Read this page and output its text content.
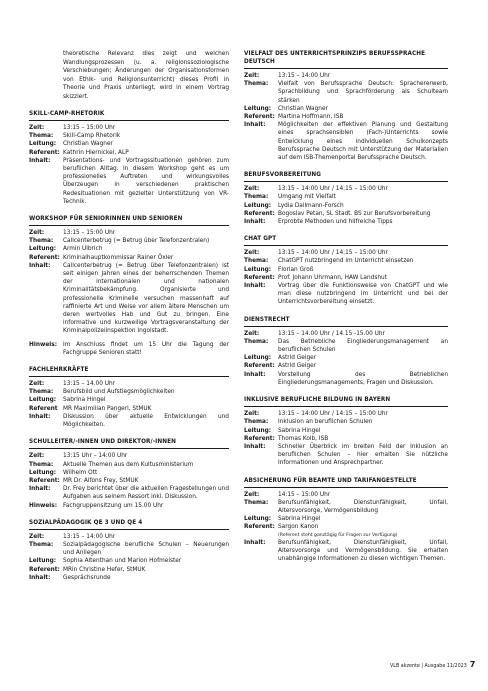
theoretische Relevanz dies zeigt und welchen Wandlungsprozessen (u. a. religionssoziologische Verschiebungen; Änderungen der Organisationsformen von Ethik- und Religionsunterricht) dieses Profil in Theorie und Praxis unterliegt, wird in einem Vortrag skizziert.

SKILL-CAMP-RHETORIK
Zeit:	13:15 – 15:00 Uhr
Thema:	Skill-Camp Rhetorik
Leitung:	Christian Wagner
Referent: Kathrin Hiernickel, ALP
Inhalt:	Präsentations- und Vortragssituationen gehören zum beruflichen Alltag. In diesem Workshop geht es um professionelles Auftreten und wirkungsvolles Überzeugen in verschiedenen praktischen Redesituationen mit gezielter Unterstützung von VR-Technik.
WORKSHOP FÜR SENIORINNEN UND SENIOREN
Zeit:	13:15 – 15:00 Uhr
Thema:	Callcenterbetrug (= Betrug über Telefonzentralen)
Leitung:	Armin Ulbrich
Referent: Kriminalhauptkommissar Rainer Öxler
Inhalt:	Callcenterbetrug (= Betrug über Telefonzentralen) ist seit einigen Jahren eines der beherrschenden Themen der internationalen und nationalen Kriminalitätsbekämpfung. Organisierte und professionelle Kriminelle versuchen massenhaft auf raffinierte Art und Weise vor allem ältere Menschen um deren wertvolles Hab und Gut zu bringen. Eine informative und kurzweilige Vortragsveranstaltung der Kriminalpolizeiinspektion Ingolstadt.
Hinweis:	Im Anschluss findet um 15 Uhr die Tagung der Fachgruppe Senioren statt!
FACHLEHRKRÄFTE
Zeit:	13:15 – 14.00 Uhr
Thema:	Berufsbild und Aufstiegsmöglichkeiten
Leitung:	Sabrina Hingel
Referent MR Maximilian Pangerl, StMUK
Inhalt:	Diskussion über aktuelle Entwicklungen und Möglichkeiten.
SCHULLEITER/-INNEN UND DIREKTOR/-INNEN
Zeit:	13:15 Uhr – 14:00 Uhr
Thema:	Aktuelle Themen aus dem Kultusministerium
Leitung:	Wilhelm Ott
Referent: MR Dr. Alfons Frey, StMUK
Inhalt:	Dr. Frey berichtet über die aktuellen Fragestellungen und Aufgaben aus seinem Ressort inkl. Diskussion.
Hinweis:	Fachgruppensitzung um 15.00 Uhr
SOZIALPÄDAGOGIK QE 3 UND QE 4
Zeit:	13:15 – 14:00 Uhr
Thema:	Sozialpädagogische berufliche Schulen – Neuerungen und Anliegen
Leitung:	Sophia Altenthan und Marion Hofmeister
Referent: MRin Christine Hefer, StMUK
Inhalt:	Gesprächsrunde
VIELFALT DES UNTERRICHTSPRINZIPS BERUFSSPRACHE DEUTSCH
Zeit:	13:15 – 14:00 Uhr
Thema:	Vielfalt von Berufssprache Deutsch: Sprachererwerb, Sprachbildung und Sprachförderung als Schulteam stärken
Leitung:	Christian Wagner
Referent: Martina Hoffmann, ISB
Inhalt:	Möglichkeiten der effektiven Planung und Gestaltung eines sprachsensiblen (Fach-)Unterrichts sowie Entwicklung eines individuellen Schulkonzepts Berufssprache Deutsch mit Unterstützung der Materialien auf dem ISB-Themenportal Berufssprache Deutsch.
BERUFSVORBEREITUNG
Zeit:	13:15 – 14:00 Uhr / 14:15 – 15:00 Uhr
Thema:	Umgang mit Vielfalt
Leitung:	Lydia Dallmann-Forsch
Referent: Bogoslav Petan, SL Stadt. BS zur Berufsvorbereitung
Inhalt:	Erprobte Methoden und hilfreiche Tipps
CHAT GPT
Zeit:	13:15 – 14:00 Uhr / 14:15 – 15:00 Uhr
Thema:	ChatGPT nutzbringend im Unterricht einsetzen
Leitung:	Florian Groß
Referent: Prof. Johann Uhrmann, HAW Landshut
Inhalt:	Vortrag über die Funktionsweise von ChatGPT und wie man diese nutzbringend im Unterricht und bei der Unterrichtsvorbereitung einsetzt.
DIENSTRECHT
Zeit:	13:15 – 14.00 Uhr / 14.15 -15.00 Uhr
Thema:	Das Betriebliche Eingliederungsmanagement an beruflichen Schulen
Leitung:	Astrid Geiger
Referent: Astrid Geiger
Inhalt:	Vorstellung des Betrieblichen Eingliederungsmanagements, Fragen und Diskussion.
INKLUSIVE BERUFLICHE BILDUNG IN BAYERN
Zeit:	13:15 – 14:00 Uhr / 14:15 – 15:00 Uhr
Thema:	Inklusion an beruflichen Schulen
Leitung:	Sabrina Hingel
Referent: Thomas Kolb, ISB
Inhalt:	Schneller Überblick im breiten Feld der Inklusion an beruflichen Schulen – hier erhalten Sie nützliche Informationen und Ansprechpartner.
ABSICHERUNG FÜR BEAMTE UND TARIFANGESTELLTE
Zeit:	14:15 – 15:00 Uhr
Thema:	Berufsunfähigkeit, Dienstunfähigkeit, Unfall, Altersvorsorge, Vermögensbildung
Leitung:	Sabrina Hingel
Referent: Sargon Kanon
(Referent steht ganztägig für Fragen zur Verfügung)
Inhalt:	Berufsunfähigkeit, Dienstunfähigkeit, Unfall, Altersvorsorge und Vermögensbildung. Sie erhalten unabhängige Informationen zu diesen wichtigen Themen.
VLB akzente | Ausgabe 11/2023 7
